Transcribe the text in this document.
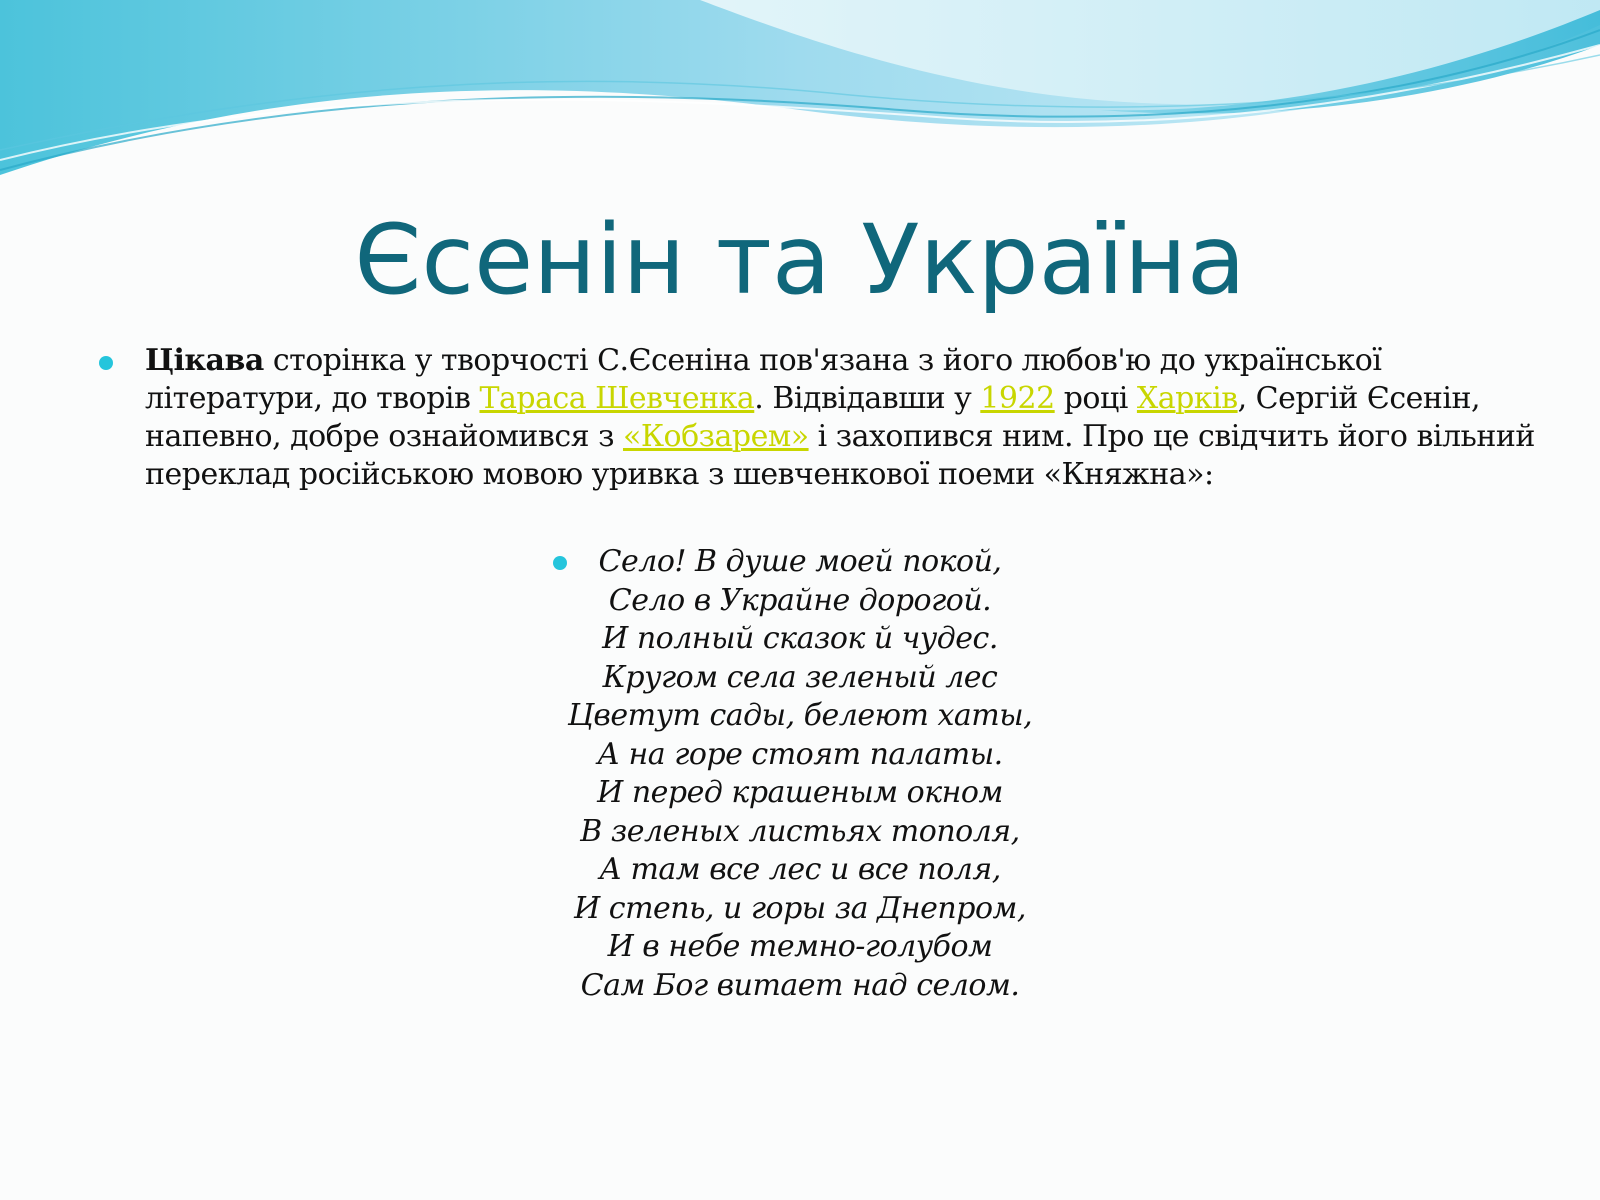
Єсенін та Україна

Цікава сторінка у творчості С.Єсеніна пов'язана з його любов'ю до української літератури, до творів Тараса Шевченка. Відвідавши у 1922 році Харків, Сергій Єсенін, напевно, добре ознайомився з «Кобзарем» і захопився ним. Про це свідчить його вільний переклад російською мовою уривка з шевченкової поеми «Княжна»:

Село! В душе моей покой,
Село в Украйне дорогой.
И полный сказок й чудес.
Кругом села зеленый лес
Цветут сады, белеют хаты,
А на горе стоят палаты.
И перед крашеным окном
В зеленых листьях тополя,
А там все лес и все поля,
И степь, и горы за Днепром,
И в небе темно-голубом
Сам Бог витает над селом.
